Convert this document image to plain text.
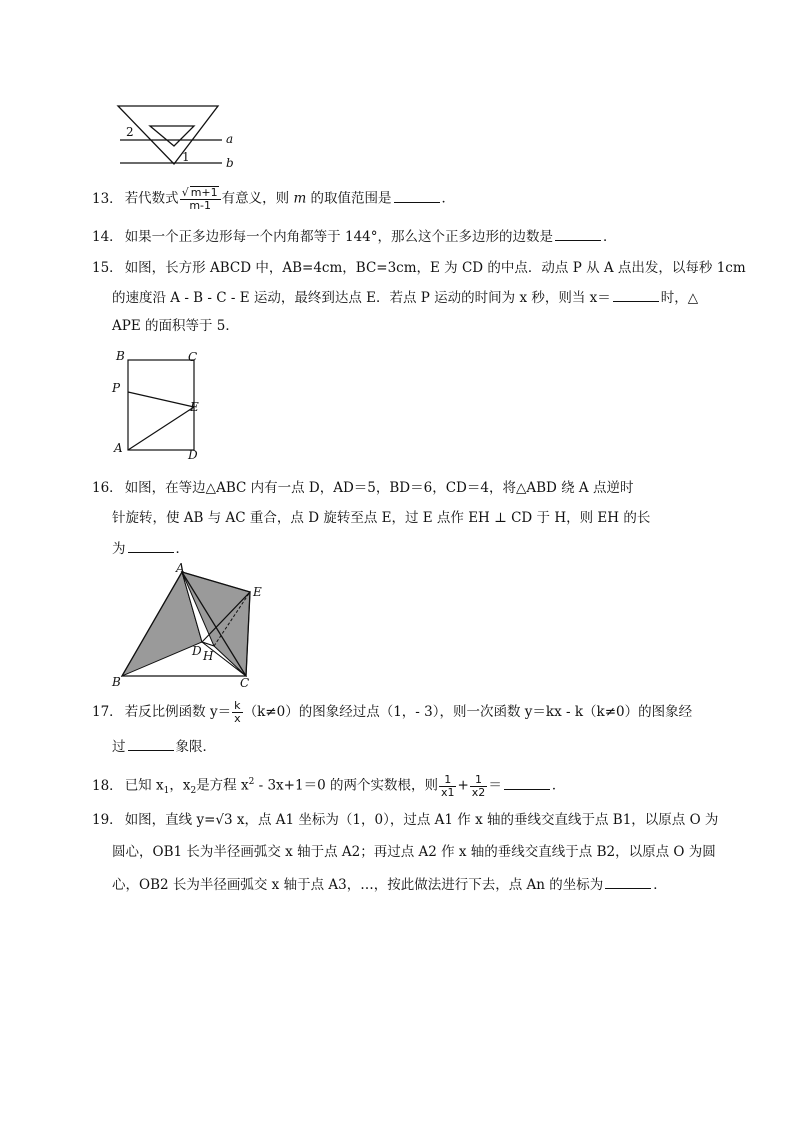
2
1
a
b
13． 若代数式 $\frac{√ m+1}{m-1}$ 有意义，则 m 的取值范围是	．
14． 如果一个正多边形每一个内角都等于 144°，那么这个正多边形的边数是	．
15． 如图，长方形 ABCD 中，AB=4cm，BC=3cm，E 为 CD 的中点．动点 P 从 A 点出发，以每秒 1cm
的速度沿 A - B - C - E 运动，最终到达点 E．若点 P 运动的时间为 x 秒，则当 x＝	时，△
APE 的面积等于 5．
B	C
P
E
A	D
16． 如图，在等边△ABC 内有一点 D，AD＝5，BD＝6，CD＝4，将△ABD 绕 A 点逆时
针旋转，使 AB 与 AC 重合，点 D 旋转至点 E，过 E 点作 EH ⊥ CD 于 H，则 EH 的长
为	．
A
E
D H
B	C
17． 若反比例函数 $y= \frac{k}{x} (k\ne 0)$的图象经过点（1，- 3），则一次函数 y＝kx - k（k≠0）的图象经
过	象限．
18． 已知 $x_1$，$x_2$是方程 $x^2 - 3x+1=0$ 的两个实数根，则 $\frac{1}{x1} + \frac{1}{x2}$ ＝	．
19． 如图，直线 y=√3 x，点 A1 坐标为（1，0），过点 A1 作 x 轴的垂线交直线于点 B1，以原点 O 为
圆心，OB1 长为半径画弧交 x 轴于点 A2；再过点 A2 作 x 轴的垂线交直线于点 B2，以原点 O 为圆
心，OB2 长为半径画弧交 x 轴于点 A3，…，按此做法进行下去，点 An 的坐标为	．
